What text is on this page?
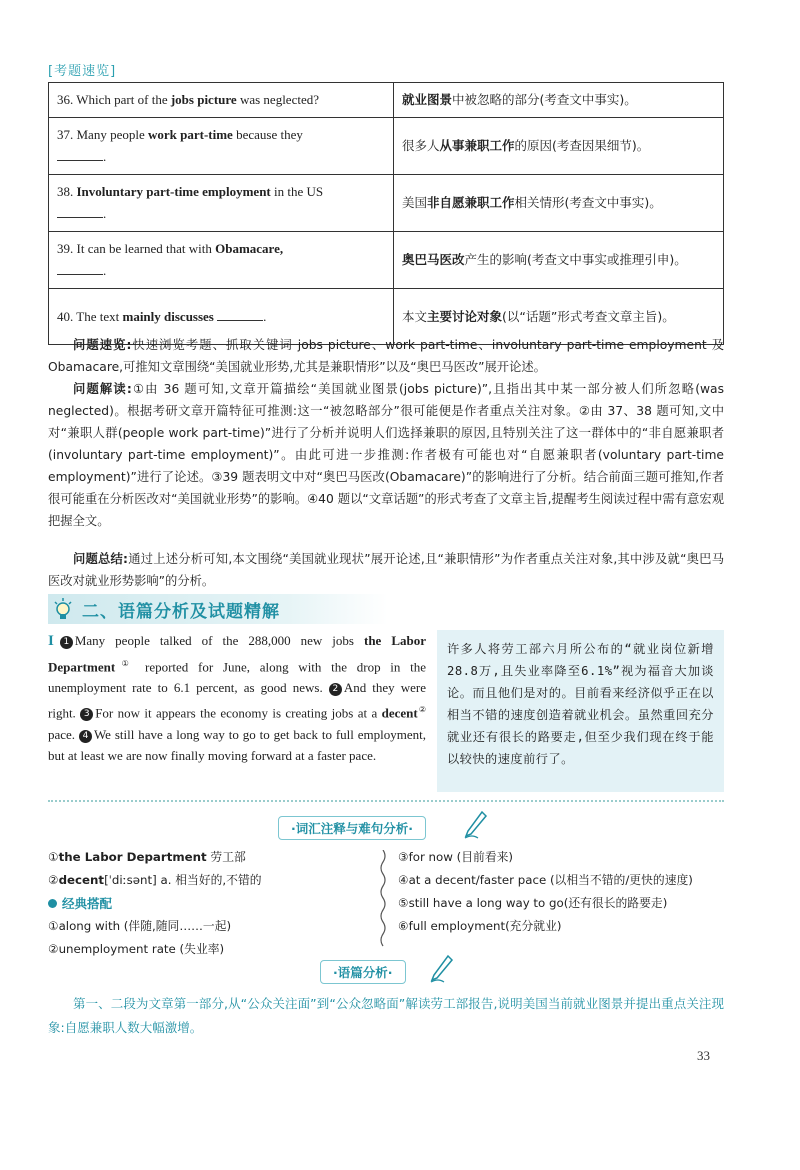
[考题速览]
36. Which part of the jobs picture was neglected?	就业图景中被忽略的部分(考查文中事实)。
37. Many people work part-time because they
.	很多人从事兼职工作的原因(考查因果细节)。
38. Involuntary part-time employment in the US
.	美国非自愿兼职工作相关情形(考查文中事实)。
39. It can be learned that with Obamacare,
.	奥巴马医改产生的影响(考查文中事实或推理引申)。
40. The text mainly discusses .	本文主要讨论对象(以“话题”形式考查文章主旨)。
问题速览:快速浏览考题、抓取关键词 jobs picture、work part-time、involuntary part-time employment 及 Obamacare,可推知文章围绕“美国就业形势,尤其是兼职情形”以及“奥巴马医改”展开论述。
问题解读:①由 36 题可知,文章开篇描绘“美国就业图景(jobs picture)”,且指出其中某一部分被人们所忽略(was neglected)。根据考研文章开篇特征可推测:这一“被忽略部分”很可能便是作者重点关注对象。②由 37、38 题可知,文中对“兼职人群(people work part-time)”进行了分析并说明人们选择兼职的原因,且特别关注了这一群体中的“非自愿兼职者(involuntary part-time employment)”。由此可进一步推测:作者极有可能也对“自愿兼职者(voluntary part-time employment)”进行了论述。③39 题表明文中对“奥巴马医改(Obamacare)”的影响进行了分析。结合前面三题可推知,作者很可能重在分析医改对“美国就业形势”的影响。④40 题以“文章话题”的形式考查了文章主旨,提醒考生阅读过程中需有意宏观把握全文。
问题总结:通过上述分析可知,本文围绕“美国就业现状”展开论述,且“兼职情形”为作者重点关注对象,其中涉及就“奥巴马医改对就业形势影响”的分析。
二、语篇分析及试题精解
I 1 Many people talked of the 288,000 new jobs the Labor Department① reported for June, along with the drop in the unemployment rate to 6.1 percent, as good news. 2 And they were right. 3 For now it appears the economy is creating jobs at a decent② pace. 4 We still have a long way to go to get back to full employment, but at least we are now finally moving forward at a faster pace.
许多人将劳工部六月所公布的“就业岗位新增28.8万,且失业率降至6.1%”视为福音大加谈论。而且他们是对的。目前看来经济似乎正在以相当不错的速度创造着就业机会。虽然重回充分就业还有很长的路要走,但至少我们现在终于能以较快的速度前行了。
·词汇注释与难句分析·
①the Labor Department 劳工部
②decent[ˈdiːsənt] a. 相当好的,不错的
经典搭配
①along with (伴随,随同……一起)
②unemployment rate (失业率)
③for now (目前看来)
④at a decent/faster pace (以相当不错的/更快的速度)
⑤still have a long way to go(还有很长的路要走)
⑥full employment(充分就业)
·语篇分析·
第一、二段为文章第一部分,从“公众关注面”到“公众忽略面”解读劳工部报告,说明美国当前就业图景并提出重点关注现象:自愿兼职人数大幅激增。
33
